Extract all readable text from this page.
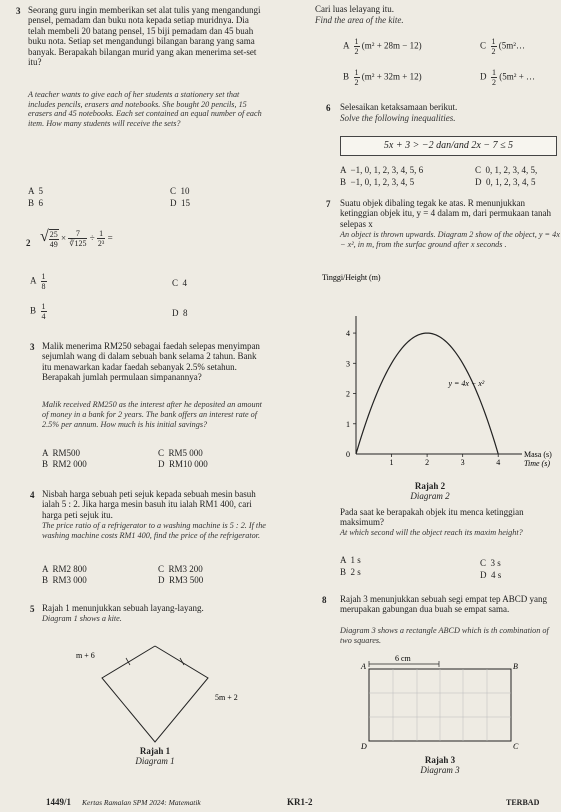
3 Seorang guru ingin memberikan set alat tulis yang mengandungi pensel, pemadam dan buku nota kepada setiap muridnya. Dia telah membeli 20 batang pensel, 15 biji pemadam dan 45 buah buku nota. Setiap set mengandungi bilangan barang yang sama banyak. Berapakah bilangan murid yang akan menerima set-set itu?

A teacher wants to give each of her students a stationery set that includes pencils, erasers and notebooks. She bought 20 pencils, 15 erasers and 45 notebooks. Each set contained an equal number of each item. How many students will receive the sets?

A  5
B  6
C  10
D  15
2 √ $\frac{25}{49} \times \frac{7}{∛125} \div \frac{1}{\text{2³}}$ =
A $\frac{1}{8}$
B $\frac{1}{4}$
C  4
D  8
3 Malik menerima RM250 sebagai faedah selepas menyimpan sejumlah wang di dalam sebuah bank selama 2 tahun. Bank itu menawarkan kadar faedah sebanyak 2.5% setahun. Berapakah jumlah permulaan simpanannya?

Malik received RM250 as the interest after he deposited an amount of money in a bank for 2 years. The bank offers an interest rate of 2.5% per annum. How much is his initial savings?

A  RM500
B  RM2 000
C  RM5 000
D  RM10 000
4 Nisbah harga sebuah peti sejuk kepada sebuah mesin basuh ialah 5 : 2. Jika harga mesin basuh itu ialah RM1 400, cari harga peti sejuk itu.

The price ratio of a refrigerator to a washing machine is 5 : 2. If the washing machine costs RM1 400, find the price of the refrigerator.

A  RM2 800
B  RM3 000
C  RM3 200
D  RM3 500
5 Rajah 1 menunjukkan sebuah layang-layang.

Diagram 1 shows a kite.

m + 6
5m + 2
Rajah 1
Diagram 1

Cari luas lelayang itu.

Find the area of the kite.

A $\frac{1}{2} (m^2 + 28m - 12)$
B $\frac{1}{2} (m^2 + 32m + 12)$
C $\frac{1}{2}$ (5m²…
D $\frac{1}{2} (5m^2$ + …
6 Selesaikan ketaksamaan berikut.

Solve the following inequalities.

5x + 3 > −2 dan/and 2x − 7 ≤ 5
A  −1, 0, 1, 2, 3, 4, 5, 6
B  −1, 0, 1, 2, 3, 4, 5
C  0, 1, 2, 3, 4, 5,
D  0, 1, 2, 3, 4, 5
7 Suatu objek dibaling tegak ke atas. R menunjukkan ketinggian objek itu, y = 4 dalam m, dari permukaan tanah selepas x

An object is thrown upwards. Diagram 2 show of the object, y = 4x − x², in m, from the surfac ground after x seconds .

Tinggi/Height (m)
0
1
2
3
4
1	2	3	4
Masa (s)
Time (s)
y = 4x − x²
Rajah 2
Diagram 2

Pada saat ke berapakah objek itu menca ketinggian maksimum?

At which second will the object reach its maxim height?

A  1 s
B  2 s
C  3 s
D  4 s
8 Rajah 3 menunjukkan sebuah segi empat tep ABCD yang merupakan gabungan dua buah se empat sama.

Diagram 3 shows a rectangle ABCD which is th combination of two squares.

6 cm
A	B
C
D
Rajah 3
Diagram 3
1449/1 Kertas Ramalan SPM 2024: Matematik	KR1-2	TERBAD
